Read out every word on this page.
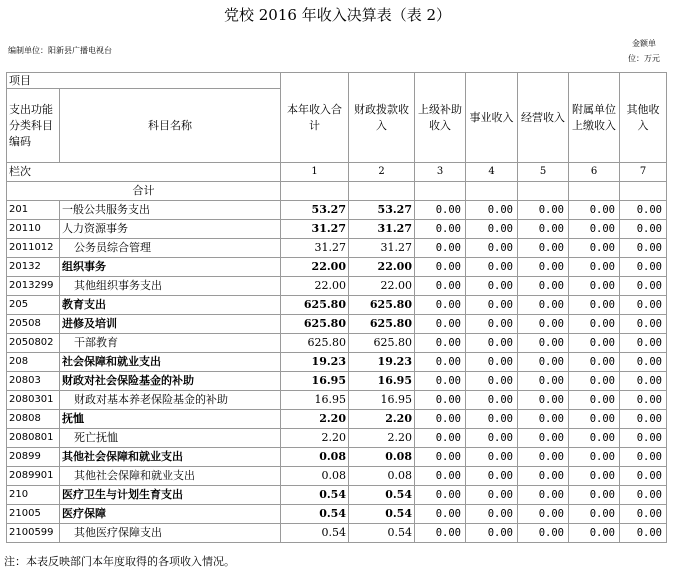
党校 2016 年收入决算表（表 2）
编制单位：阳新县广播电视台
金额单位：万元
项目		本年收入合计	财政拨款收入	上级补助收入	事业收入	经营收入	附属单位上缴收入	其他收入
支出功能分类科目编码	科目名称							
栏次		1	2	3	4	5	6	7
合计								
201	一般公共服务支出	53.27	53.27	0.00	0.00	0.00	0.00	0.00
20110	人力资源事务	31.27	31.27	0.00	0.00	0.00	0.00	0.00
2011012	公务员综合管理	31.27	31.27	0.00	0.00	0.00	0.00	0.00
20132	组织事务	22.00	22.00	0.00	0.00	0.00	0.00	0.00
2013299	其他组织事务支出	22.00	22.00	0.00	0.00	0.00	0.00	0.00
205	教育支出	625.80	625.80	0.00	0.00	0.00	0.00	0.00
20508	进修及培训	625.80	625.80	0.00	0.00	0.00	0.00	0.00
2050802	干部教育	625.80	625.80	0.00	0.00	0.00	0.00	0.00
208	社会保障和就业支出	19.23	19.23	0.00	0.00	0.00	0.00	0.00
20803	财政对社会保险基金的补助	16.95	16.95	0.00	0.00	0.00	0.00	0.00
2080301	财政对基本养老保险基金的补助	16.95	16.95	0.00	0.00	0.00	0.00	0.00
20808	抚恤	2.20	2.20	0.00	0.00	0.00	0.00	0.00
2080801	死亡抚恤	2.20	2.20	0.00	0.00	0.00	0.00	0.00
20899	其他社会保障和就业支出	0.08	0.08	0.00	0.00	0.00	0.00	0.00
2089901	其他社会保障和就业支出	0.08	0.08	0.00	0.00	0.00	0.00	0.00
210	医疗卫生与计划生育支出	0.54	0.54	0.00	0.00	0.00	0.00	0.00
21005	医疗保障	0.54	0.54	0.00	0.00	0.00	0.00	0.00
2100599	其他医疗保障支出	0.54	0.54	0.00	0.00	0.00	0.00	0.00
注：本表反映部门本年度取得的各项收入情况。
